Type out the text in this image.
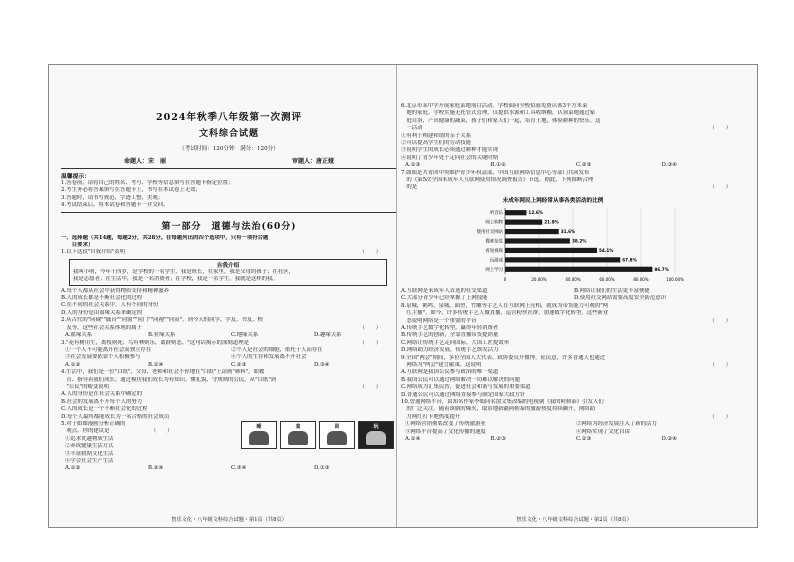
2024年秋季八年级第一次测评
文科综合试题
（考试时间：120分钟　满分：120分）
命题人：宋　丽	审题人：唐正娅
温馨提示：
1.答卷前，请将自己的姓名、考号、学校等信息填写在答题卡指定位置；
2.考生务必将答案填写在答题卡上，书写在本试卷上无效；
3.答题时，请书写规范、字迹工整、美观；
4.考试结束后，将本试卷和答题卡一并交回。
第一部分　道德与法治(60分)
一、选择题（共14题，每题2分，共28分。在每题列出的四个选项中，只有一项符合题
　　目要求）
1.以下这段"自我介绍"表明	（　　）
自我介绍
我叫小明，今年十四岁，是学校的一名学生，我是班长，在家里，我是父母的孩子；在社区，
我是志愿者；在生活中，我是一名消费者；在学校，我是一名学生。我就是这样的我。
A.每个人都从社会中获得物质支持和精神滋养
B.人的成长都是不断社会化的过程
C.在不同的社会关系中，人有不同的身份
D.人的身份是由血缘关系来确定的
2.从古代的"同砚""戚台""同窗""同门""同袍""同寅"，到今天的同学、学友、书友、校
　友等，这些社会关系体现的属于	（　　）
A.血缘关系	B.业缘关系	C.地缘关系	D.趣缘关系
3."花有树用生，离枝则死；鸟有林则乐，离群则悲。"这句话揭示的深刻道理是	（　　）
①一个人不可能离开社会而独立存在	②个人是社会的细胞，依托于人而存在
③社会发展要依靠个人积极参与	④个人的生存和发展离不开社会
A.①②	B.①④	C.②③	D.③④
4.生活中，我们是一位"白纸"，父母、老师和社会不停地在"白纸"上涂画"颜料"，如教
　育、指导着我们成长。通过模仿我们成长为有知识、懂礼貌、守规则的公民。从"白纸"到
　"公民"的蜕变说明	（　　）
A.人的身份是在社会关系中确定的
B.社会的发展离不开每个人的努力
C.人的成长是一个不断社会化的过程
D.每个人最终都能成长为一名合格的社会成员
5.对于如图漫画分析正确的
　观点，你的建议是	（　　）
①追求优越物质生活
②养成健康生活方式
③丰富假期文化生活
④学会社会生产生活
睡	食	训	玩
A.①②	B.②④	C.③④	D.①③
智乐文化・八年级文科综合试题・第1页（共8页）
6.北京市某中学开展家庭菜地项目活动。学校面向全校招募免费认领3平方米菜
　地的家庭。学校实施无托管式管理，仅提供水源和工具收纳棚，认领菜地通过家
　庭自治，产出健康的蔬菜，孩子们和家人们一起，培育土地，体验耕种的快乐。这
　一活动	（　　）
①有利于构建和谐的亲子关系
②可以提高学生们的劳动技能
③说明学生的成长必须通过耕种才能实现
④说明了青少年处于走向社会的关键时期
A.①③	B.①②	C.②③	D.③④
7.如图是共青团中央维护青少年权益部、中国互联网络信息中心等部门共同发布
　的《第5次全国未成年人互联网使用情况调查报告》节选。据此，下列推断合理
　的是	（　　）
未成年网民上网经常从事各类活动的比例
0	20.00%	40.00%	60.00%	80.00%	100.00%
网上学习	86.7%
玩游戏	67.8%
看短视频	54.1%
搜索信息	38.2%
使用社交网站	31.6%
网上购物	21.9%
听音乐	12.6%
A.互联网是未成年人首选的社交渠道	B.网络让我们的生活更丰富便捷
C.大部分青少年已经掌握了上网技能	D.使用社交网站需要高度安全防范意识
8.泉城，鹤鸣，泉城，面塑，竹雕等手艺人在互联网上亮相，就成为带货能力可观的"网
　红主播"。如今，许多传统手艺人做直播，运营粉丝社群，加速数字化转型。这些新业
　态说明网络是一个重要的平台	（　　）
A.传统手艺数字化转型，赢得年轻消费者
B.传统手艺的创新，全靠直播带货提销量
C.网络让传统手艺走向国际，大国工匠提效率
D.网络助力经济发展，传统手艺焕发活力
9.全国"两会"期间，多位全国人大代表、政协委员开微博，征民意，许多普通人也通过
　网络为"两会"建言献策。这说明	（　　）
A.互联网是我国公民参与政治的唯一渠道
B.我国公民可以通过网络解决一切难以解决的问题
C.网络成为汇集民智，促进社会和谐与发展的重要渠道
D.普通公民可以通过网络直接参与制定国家大政方针
10.曾通网络平台，由知名作家李娟同名散文集改编的电视剧《我的阿勒泰》引发人们
　的广泛关注。随着该剧的爆火，取景地新疆阿勒泰的旅游热度持续飙升，网络助
　力网红打卡地热度提升	（　　）
①网络营销彻底改变了传统旅游业	②网络为经济发展注入了新的活力
③网络平台提高了文化传播的速度	④网络实现了文化自由
A.①④	B.②③	C.①③	D.②④
智乐文化・八年级文科综合试题・第2页（共8页）
